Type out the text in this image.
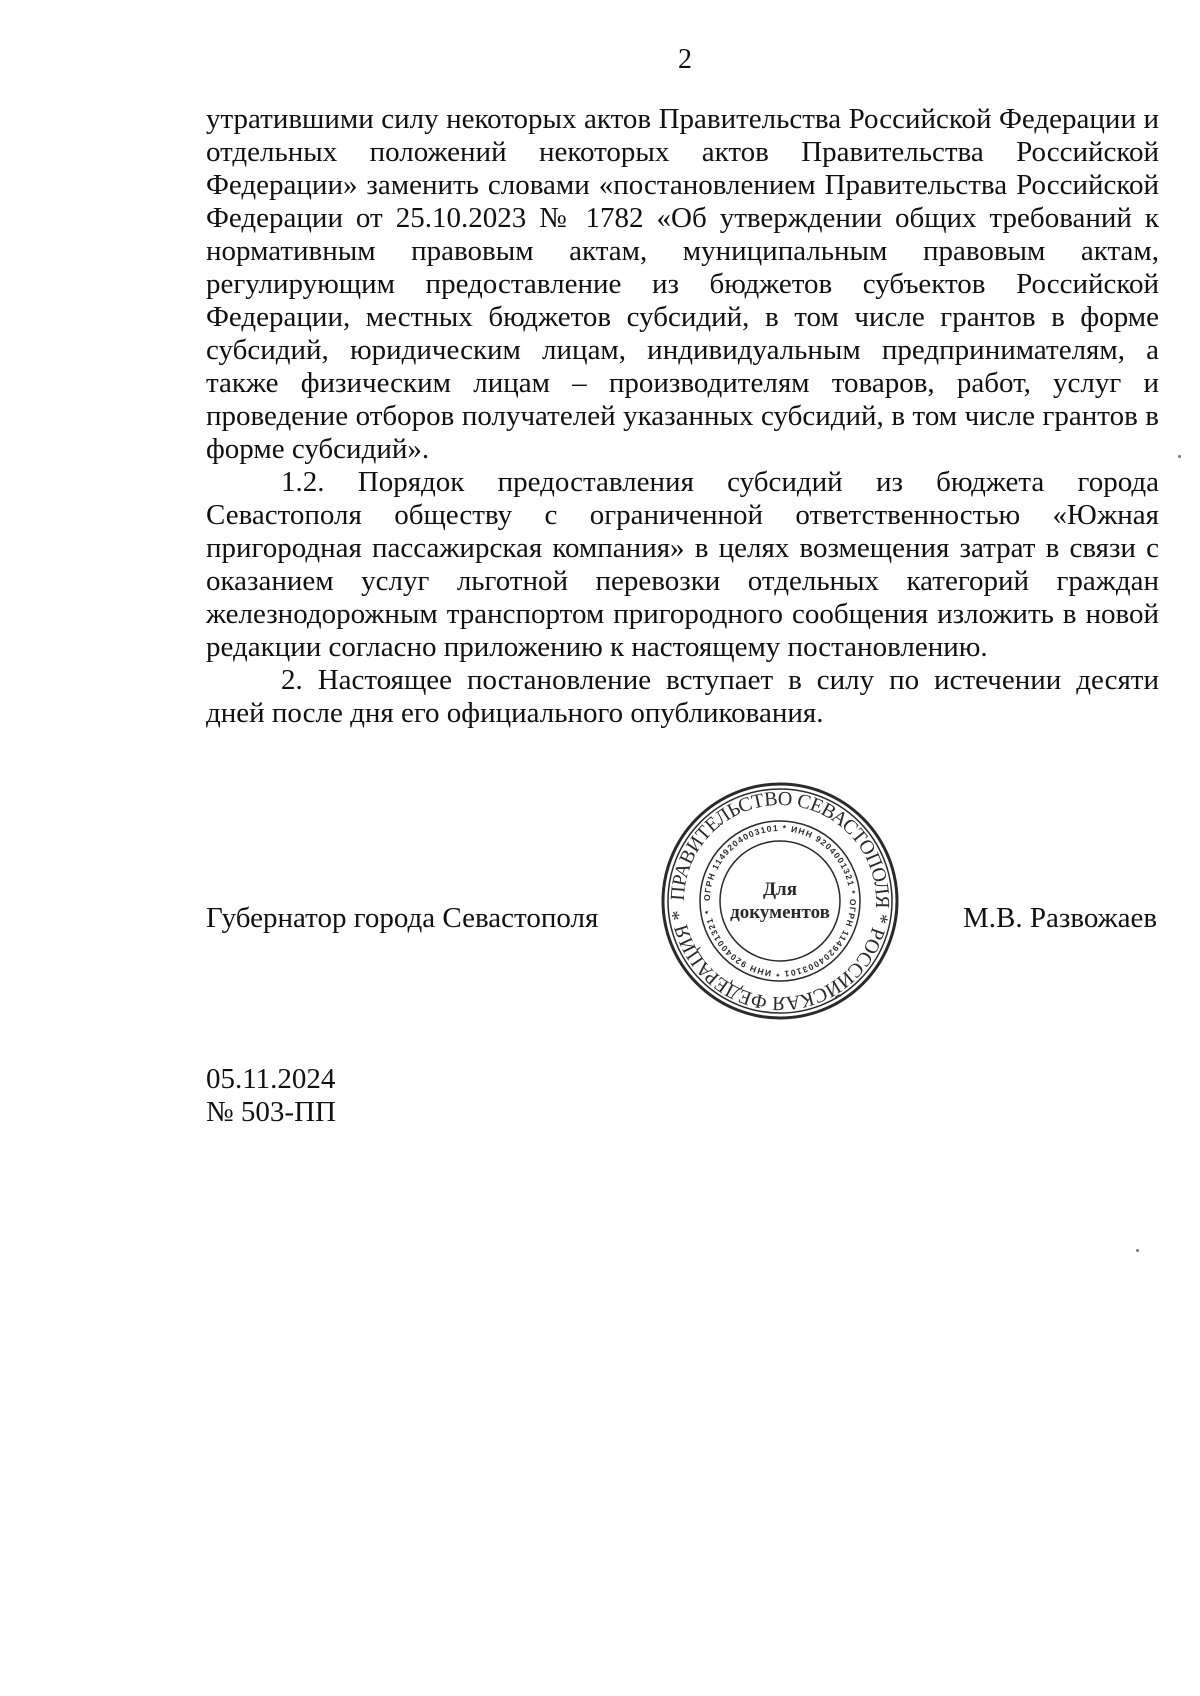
2

утратившими силу некоторых актов Правительства Российской Федерации и отдельных положений некоторых актов Правительства Российской Федерации» заменить словами «постановлением Правительства Российской Федерации от 25.10.2023 № 1782 «Об утверждении общих требований к нормативным правовым актам, муниципальным правовым актам, регулирующим предоставление из бюджетов субъектов Российской Федерации, местных бюджетов субсидий, в том числе грантов в форме субсидий, юридическим лицам, индивидуальным предпринимателям, а также физическим лицам – производителям товаров, работ, услуг и проведение отборов получателей указанных субсидий, в том числе грантов в форме субсидий».

1.2. Порядок предоставления субсидий из бюджета города Севастополя обществу с ограниченной ответственностью «Южная пригородная пассажирская компания» в целях возмещения затрат в связи с оказанием услуг льготной перевозки отдельных категорий граждан железнодорожным транспортом пригородного сообщения изложить в новой редакции согласно приложению к настоящему постановлению.

2. Настоящее постановление вступает в силу по истечении десяти дней после дня его официального опубликования.

Губернатор города Севастополя
ПРАВИТЕЛЬСТВО СЕВАСТОПОЛЯ * РОССИЙСКАЯ ФЕДЕРАЦИЯ *
ОГРН 1149204003101 * ИНН 9204001321 * ОГРН 1149204003101 * ИНН 9204001321 *
Для
документов	М.В. Развожаев
05.11.2024
№ 503-ПП
